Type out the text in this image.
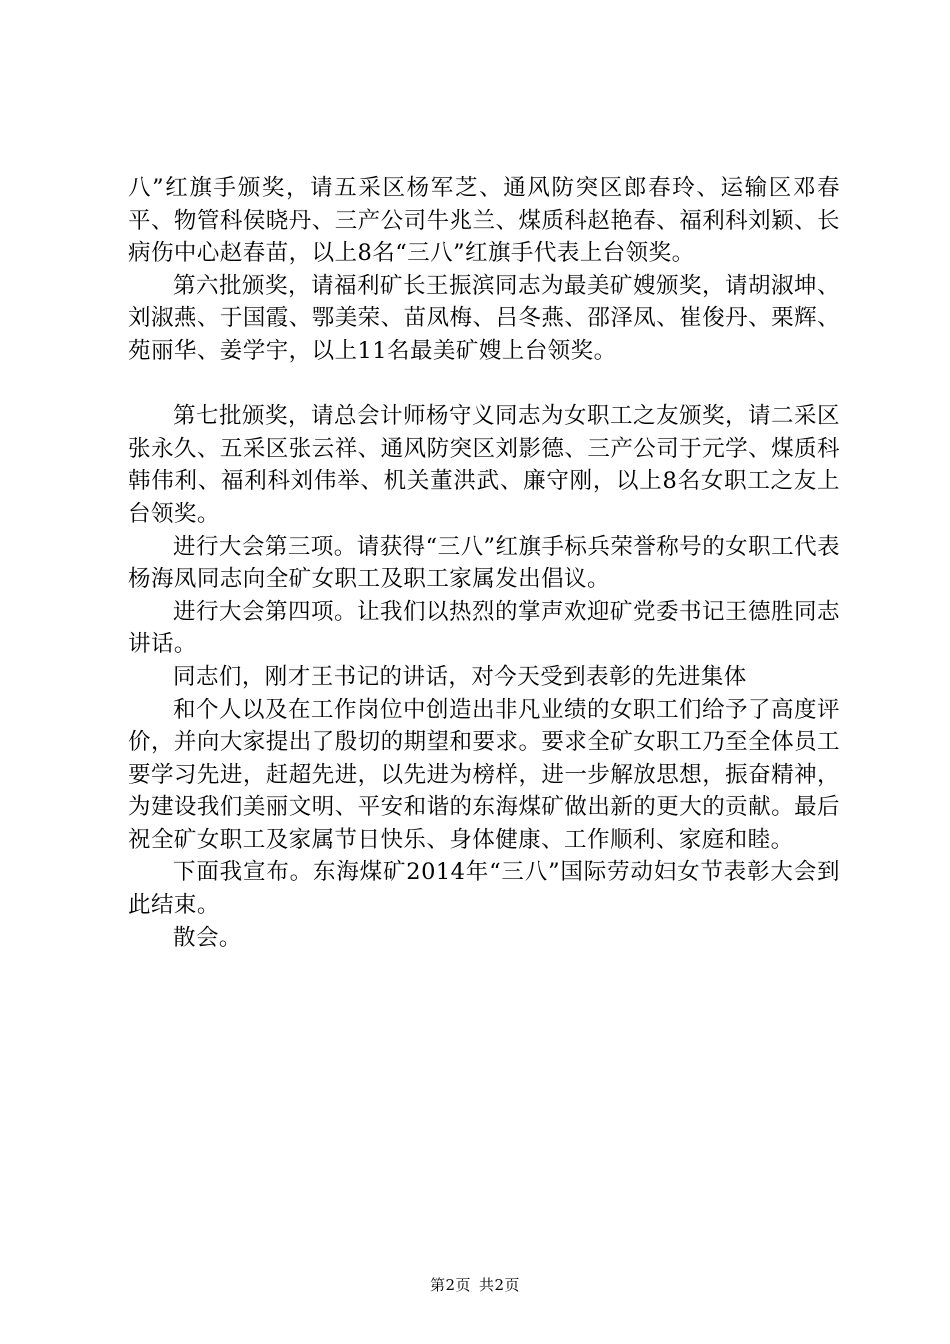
八”红旗手颁奖，请五采区杨军芝、通风防突区郎春玲、运输区邓春平、物管科侯晓丹、三产公司牛兆兰、煤质科赵艳春、福利科刘颖、长病伤中心赵春苗，以上8名“三八”红旗手代表上台领奖。

第六批颁奖，请福利矿长王振滨同志为最美矿嫂颁奖，请胡淑坤、刘淑燕、于国霞、鄂美荣、苗凤梅、吕冬燕、邵泽凤、崔俊丹、栗辉、苑丽华、姜学宇，以上11名最美矿嫂上台领奖。

第七批颁奖，请总会计师杨守义同志为女职工之友颁奖，请二采区张永久、五采区张云祥、通风防突区刘影德、三产公司于元学、煤质科韩伟利、福利科刘伟举、机关董洪武、廉守刚，以上8名女职工之友上台领奖。

进行大会第三项。请获得“三八”红旗手标兵荣誉称号的女职工代表杨海凤同志向全矿女职工及职工家属发出倡议。

进行大会第四项。让我们以热烈的掌声欢迎矿党委书记王德胜同志讲话。

同志们，刚才王书记的讲话，对今天受到表彰的先进集体

和个人以及在工作岗位中创造出非凡业绩的女职工们给予了高度评价，并向大家提出了殷切的期望和要求。要求全矿女职工乃至全体员工要学习先进，赶超先进，以先进为榜样，进一步解放思想，振奋精神，为建设我们美丽文明、平安和谐的东海煤矿做出新的更大的贡献。最后祝全矿女职工及家属节日快乐、身体健康、工作顺利、家庭和睦。

下面我宣布。东海煤矿2014年“三八”国际劳动妇女节表彰大会到此结束。

散会。

第2页 共2页
